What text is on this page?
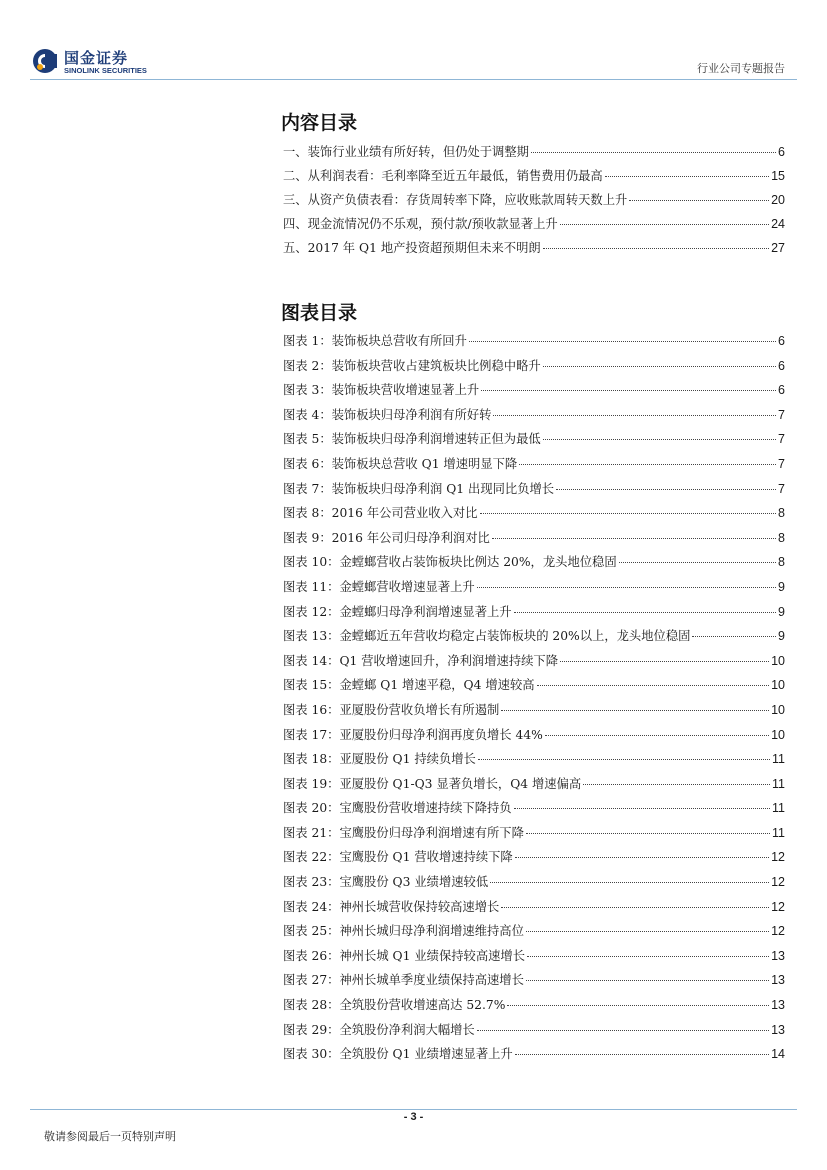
国金证券
SINOLINK SECURITIES	行业公司专题报告
内容目录
一、装饰行业业绩有所好转，但仍处于调整期	6
二、从利润表看：毛利率降至近五年最低，销售费用仍最高	15
三、从资产负债表看：存货周转率下降，应收账款周转天数上升	20
四、现金流情况仍不乐观，预付款/预收款显著上升	24
五、2017 年 Q1 地产投资超预期但未来不明朗	27
图表目录
图表 1：装饰板块总营收有所回升	6
图表 2：装饰板块营收占建筑板块比例稳中略升	6
图表 3：装饰板块营收增速显著上升	6
图表 4：装饰板块归母净利润有所好转	7
图表 5：装饰板块归母净利润增速转正但为最低	7
图表 6：装饰板块总营收 Q1 增速明显下降	7
图表 7：装饰板块归母净利润 Q1 出现同比负增长	7
图表 8：2016 年公司营业收入对比	8
图表 9：2016 年公司归母净利润对比	8
图表 10：金螳螂营收占装饰板块比例达 20%，龙头地位稳固	8
图表 11：金螳螂营收增速显著上升	9
图表 12：金螳螂归母净利润增速显著上升	9
图表 13：金螳螂近五年营收均稳定占装饰板块的 20%以上，龙头地位稳固	9
图表 14：Q1 营收增速回升，净利润增速持续下降	10
图表 15：金螳螂 Q1 增速平稳，Q4 增速较高	10
图表 16：亚厦股份营收负增长有所遏制	10
图表 17：亚厦股份归母净利润再度负增长 44%	10
图表 18：亚厦股份 Q1 持续负增长	11
图表 19：亚厦股份 Q1-Q3 显著负增长，Q4 增速偏高	11
图表 20：宝鹰股份营收增速持续下降持负	11
图表 21：宝鹰股份归母净利润增速有所下降	11
图表 22：宝鹰股份 Q1 营收增速持续下降	12
图表 23：宝鹰股份 Q3 业绩增速较低	12
图表 24：神州长城营收保持较高速增长	12
图表 25：神州长城归母净利润增速维持高位	12
图表 26：神州长城 Q1 业绩保持较高速增长	13
图表 27：神州长城单季度业绩保持高速增长	13
图表 28：全筑股份营收增速高达 52.7%	13
图表 29：全筑股份净利润大幅增长	13
图表 30：全筑股份 Q1 业绩增速显著上升	14
- 3 -
敬请参阅最后一页特别声明
